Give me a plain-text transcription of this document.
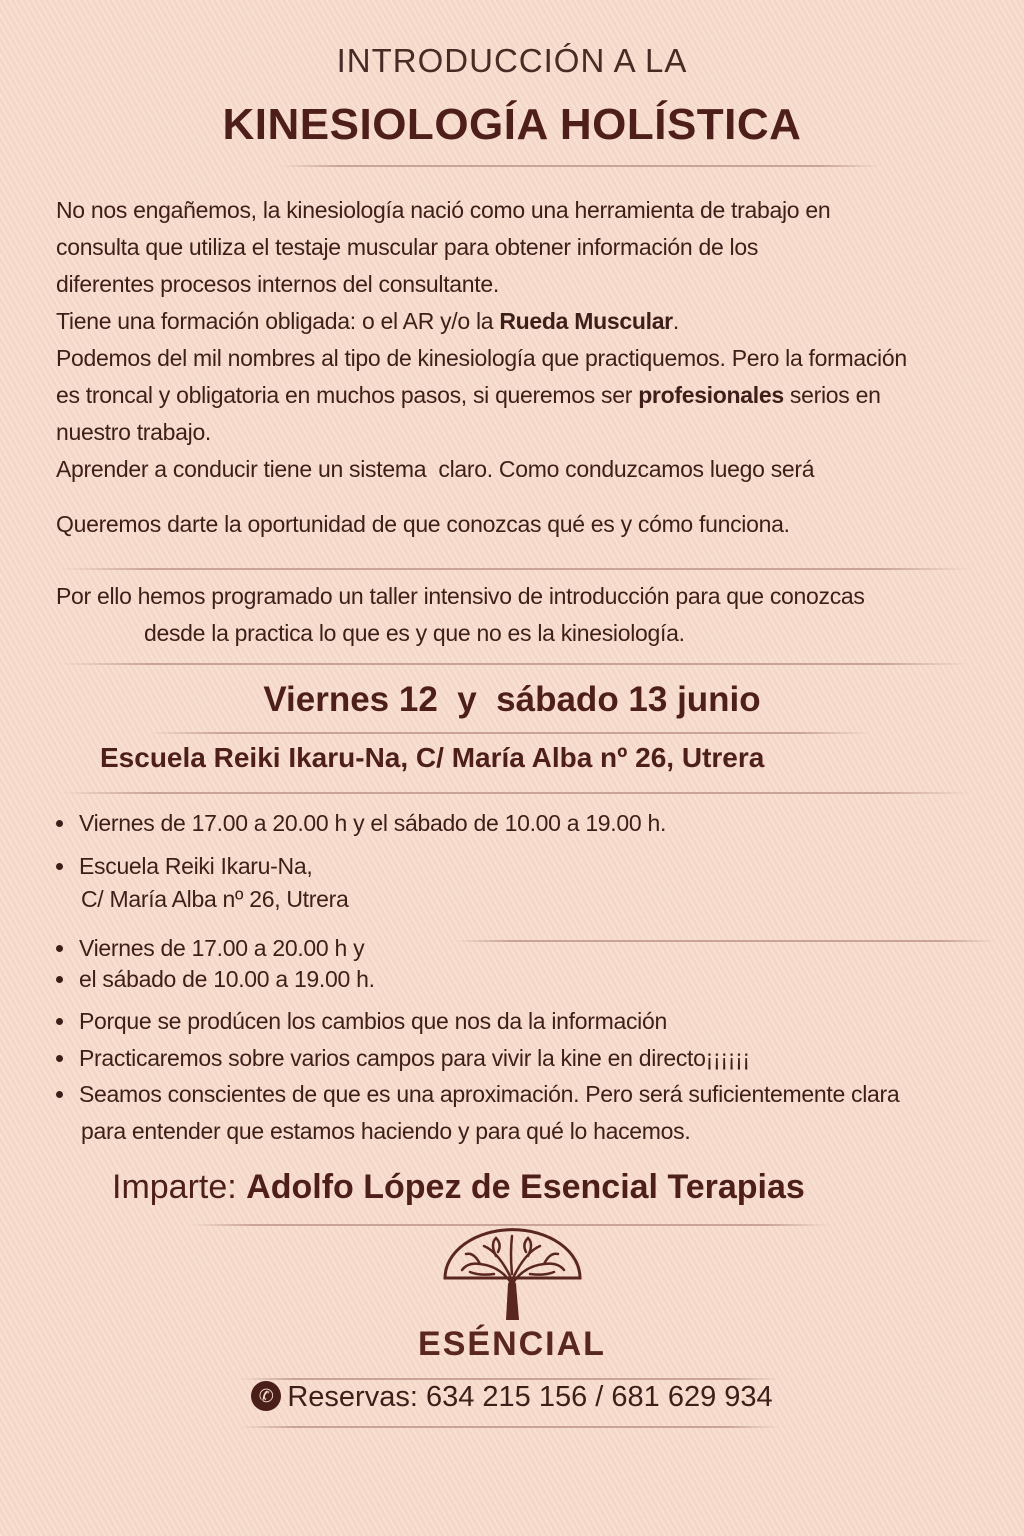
INTRODUCCIÓN A LA
KINESIOLOGÍA HOLÍSTICA
No nos engañemos, la kinesiología nació como una herramienta de trabajo en
consulta que utiliza el testaje muscular para obtener información de los
diferentes procesos internos del consultante.
Tiene una formación obligada: o el AR y/o la Rueda Muscular.
Podemos del mil nombres al tipo de kinesiología que practiquemos. Pero la formación
es troncal y obligatoria en muchos pasos, si queremos ser profesionales serios en
nuestro trabajo.
Aprender a conducir tiene un sistema  claro. Como conduzcamos luego será
Queremos darte la oportunidad de que conozcas qué es y cómo funciona.
Por ello hemos programado un taller intensivo de introducción para que conozcas
desde la practica lo que es y que no es la kinesiología.
Viernes 12  y  sábado 13 junio
Escuela Reiki Ikaru-Na, C/ María Alba nº 26, Utrera
Viernes de 17.00 a 20.00 h y el sábado de 10.00 a 19.00 h.
Escuela Reiki Ikaru-Na,
C/ María Alba nº 26, Utrera
Viernes de 17.00 a 20.00 h y
el sábado de 10.00 a 19.00 h.
Porque se prodúcen los cambios que nos da la información
Practicaremos sobre varios campos para vivir la kine en directo¡¡¡¡¡¡
Seamos conscientes de que es una aproximación. Pero será suficientemente clara
para entender que estamos haciendo y para qué lo hacemos.
Imparte: Adolfo López de Esencial Terapias
ESÉNCIAL
✆ Reservas: 634 215 156 / 681 629 934
